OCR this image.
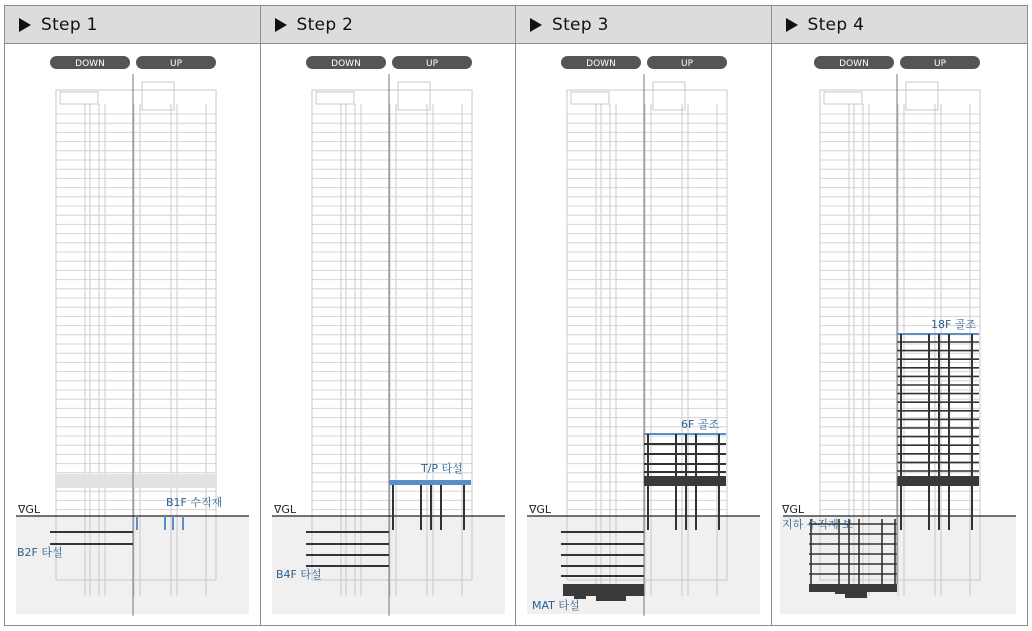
Step 1
DOWN	UP
∇GL
B1F 수직재
B2F 타설
Step 2
DOWN	UP
∇GL
T/P 타설
B4F 타설
Step 3
DOWN	UP
∇GL
6F 골조
MAT 타설
Step 4
DOWN	UP
∇GL
18F 골조
지하 수직재 보
